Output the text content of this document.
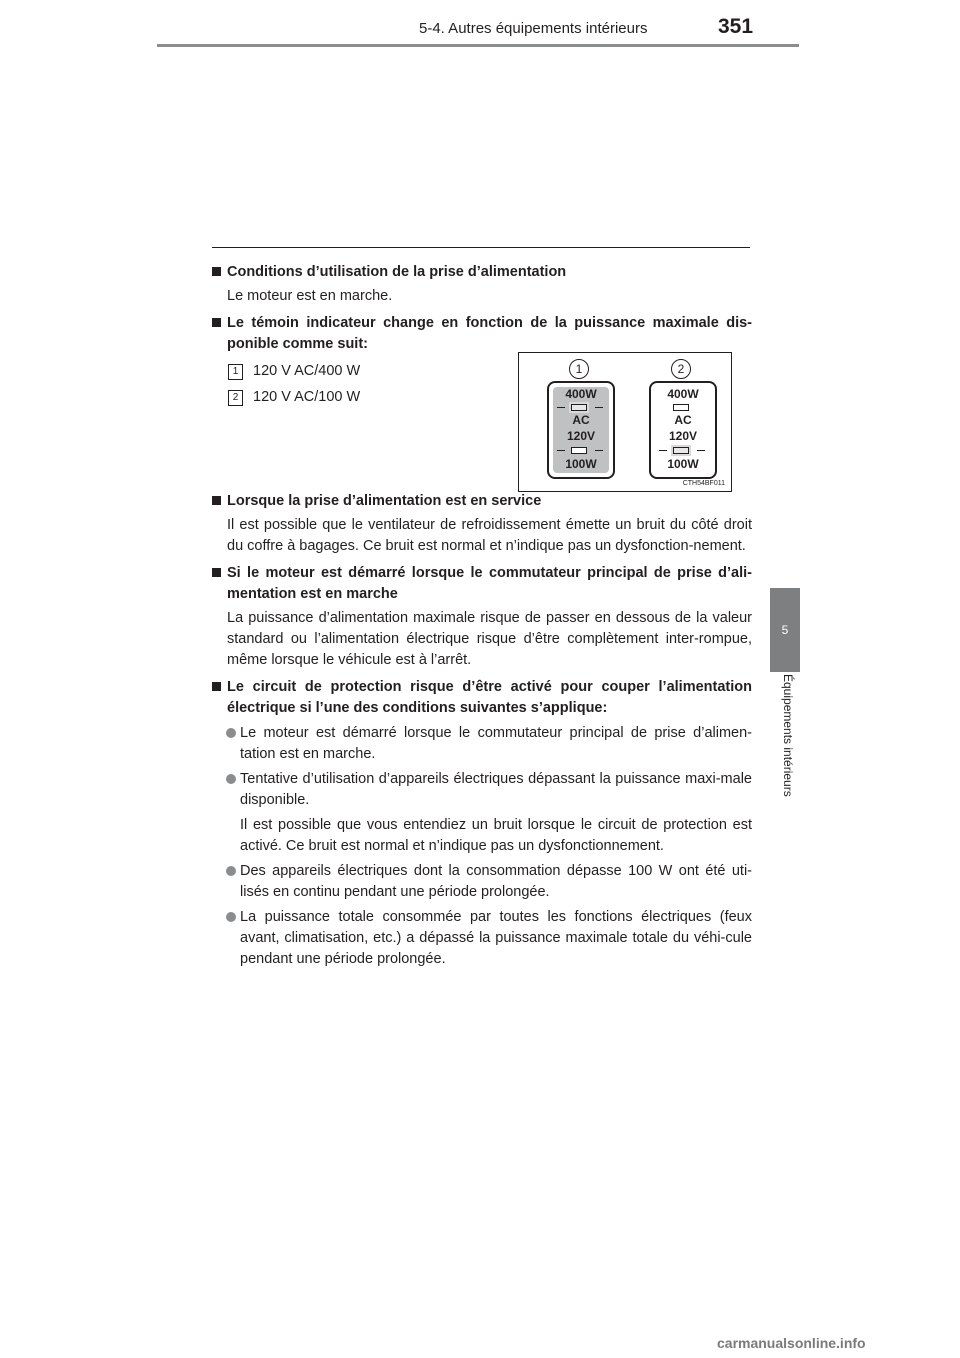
5-4. Autres équipements intérieurs	351
5
Équipements intérieurs
Conditions d’utilisation de la prise d’alimentation
Le moteur est en marche.
Le témoin indicateur change en fonction de la puissance maximale dis-ponible comme suit:
1	120 V AC/400 W
2	120 V AC/100 W
Lorsque la prise d’alimentation est en service
Il est possible que le ventilateur de refroidissement émette un bruit du côté droit du coffre à bagages. Ce bruit est normal et n’indique pas un dysfonction-nement.
Si le moteur est démarré lorsque le commutateur principal de prise d’ali-mentation est en marche
La puissance d’alimentation maximale risque de passer en dessous de la valeur standard ou l’alimentation électrique risque d’être complètement inter-rompue, même lorsque le véhicule est à l’arrêt.
Le circuit de protection risque d’être activé pour couper l’alimentation électrique si l’une des conditions suivantes s’applique:
Le moteur est démarré lorsque le commutateur principal de prise d’alimen-tation est en marche.
Tentative d’utilisation d’appareils électriques dépassant la puissance maxi-male disponible.
Il est possible que vous entendiez un bruit lorsque le circuit de protection est activé. Ce bruit est normal et n’indique pas un dysfonctionnement.
Des appareils électriques dont la consommation dépasse 100 W ont été uti-lisés en continu pendant une période prolongée.
La puissance totale consommée par toutes les fonctions électriques (feux avant, climatisation, etc.) a dépassé la puissance maximale totale du véhi-cule pendant une période prolongée.
1	2
400W
AC
120V
100W
400W
AC
120V
100W
CTH54BF011
carmanualsonline.info
